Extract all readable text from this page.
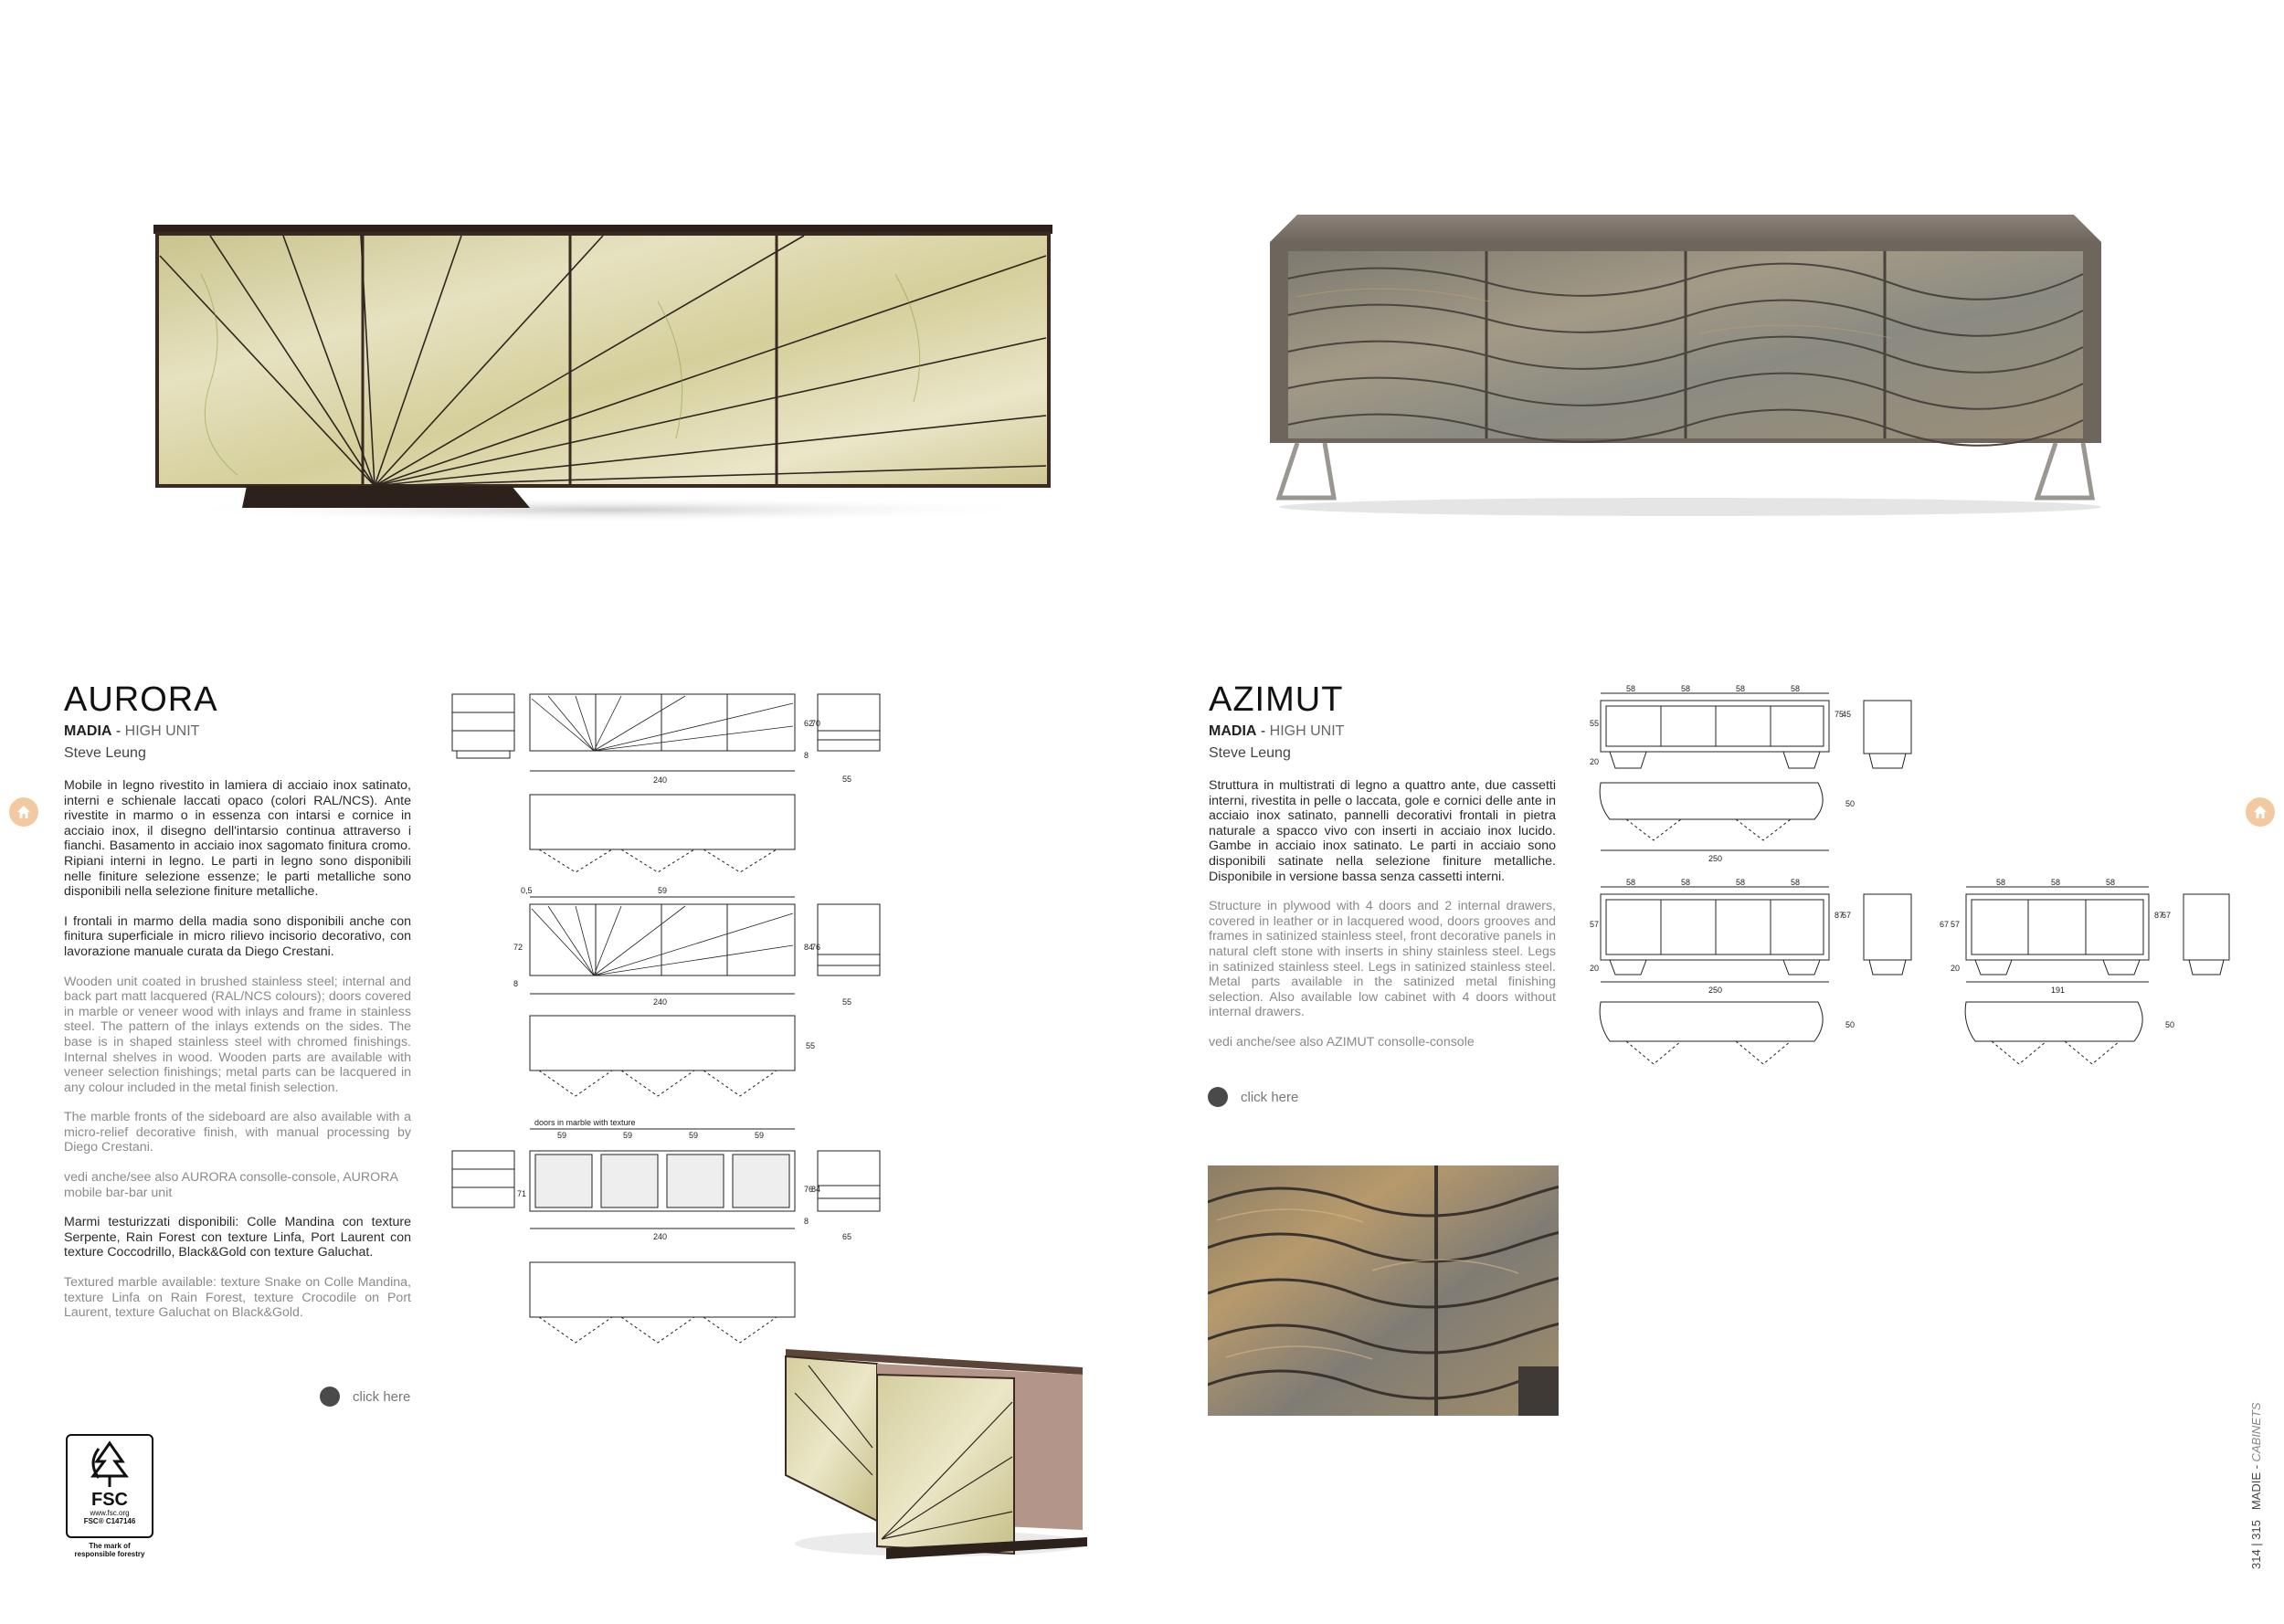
AURORA
MADIA - HIGH UNIT
Steve Leung

Mobile in legno rivestito in lamiera di acciaio inox satinato, interni e schienale laccati opaco (colori RAL/NCS). Ante rivestite in marmo o in essenza con intarsi e cornice in acciaio inox, il disegno dell'intarsio continua attraverso i fianchi. Basamento in acciaio inox sagomato finitura cromo. Ripiani interni in legno. Le parti in legno sono disponibili nelle finiture selezione essenze; le parti metalliche sono disponibili nella selezione finiture metalliche.

I frontali in marmo della madia sono disponibili anche con finitura superficiale in micro rilievo incisorio decorativo, con lavorazione manuale curata da Diego Crestani.

Wooden unit coated in brushed stainless steel; internal and back part matt lacquered (RAL/NCS colours); doors covered in marble or veneer wood with inlays and frame in stainless steel. The pattern of the inlays extends on the sides. The base is in shaped stainless steel with chromed finishings. Internal shelves in wood. Wooden parts are available with veneer selection finishings; metal parts can be lacquered in any colour included in the metal finish selection.

The marble fronts of the sideboard are also available with a micro-relief decorative finish, with manual processing by Diego Crestani.

vedi anche/see also AURORA consolle-console, AURORA mobile bar-bar unit

Marmi testurizzati disponibili: Colle Mandina con texture Serpente, Rain Forest con texture Linfa, Port Laurent con texture Coccodrillo, Black&Gold con texture Galuchat.

Textured marble available: texture Snake on Colle Mandina, texture Linfa on Rain Forest, texture Crocodile on Port Laurent, texture Galuchat on Black&Gold.

click here
FSC
www.fsc.org
FSC® C147146
The mark of
responsible forestry
240
62
70
8
55
0,5	59
240
72
8
84
76
55
55
doors in marble with texture
59	59	59	59
240
71	76
84
8
65
AZIMUT
MADIA - HIGH UNIT
Steve Leung

Struttura in multistrati di legno a quattro ante, due cassetti interni, rivestita in pelle o laccata, gole e cornici delle ante in acciaio inox satinato, pannelli decorativi frontali in pietra naturale a spacco vivo con inserti in acciaio inox lucido. Gambe in acciaio inox satinato. Le parti in acciaio sono disponibili satinate nella selezione finiture metalliche. Disponibile in versione bassa senza cassetti interni.

Structure in plywood with 4 doors and 2 internal drawers, covered in leather or in lacquered wood, doors grooves and frames in satinized stainless steel, front decorative panels in natural cleft stone with inserts in shiny stainless steel. Legs in satinized stainless steel. Legs in satinized stainless steel. Metal parts available in the satinized metal finishing selection. Also available low cabinet with 4 doors without internal drawers.

vedi anche/see also AZIMUT consolle-console

click here
58	58	58	58
55
20
75
45
50
250
58	58	58	58
57
20
87
67
250
50
58	58	58
67 57
20
87
67
191
50
314 | 315   MADIE - CABINETS
